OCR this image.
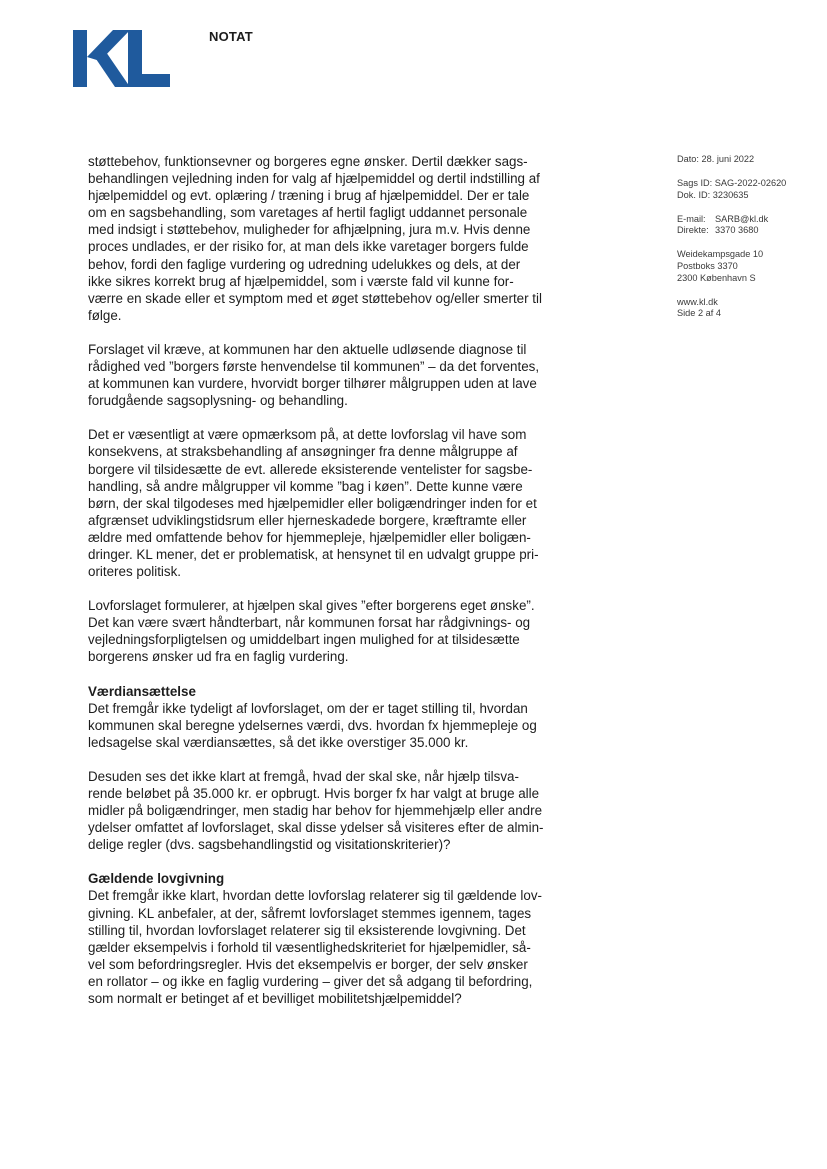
NOTAT

støttebehov, funktionsevner og borgeres egne ønsker. Dertil dækker sags-
behandlingen vejledning inden for valg af hjælpemiddel og dertil indstilling af
hjælpemiddel og evt. oplæring / træning i brug af hjælpemiddel. Der er tale
om en sagsbehandling, som varetages af hertil fagligt uddannet personale
med indsigt i støttebehov, muligheder for afhjælpning, jura m.v. Hvis denne
proces undlades, er der risiko for, at man dels ikke varetager borgers fulde
behov, fordi den faglige vurdering og udredning udelukkes og dels, at der
ikke sikres korrekt brug af hjælpemiddel, som i værste fald vil kunne for-
værre en skade eller et symptom med et øget støttebehov og/eller smerter til
følge.

Forslaget vil kræve, at kommunen har den aktuelle udløsende diagnose til
rådighed ved ”borgers første henvendelse til kommunen” – da det forventes,
at kommunen kan vurdere, hvorvidt borger tilhører målgruppen uden at lave
forudgående sagsoplysning- og behandling.

Det er væsentligt at være opmærksom på, at dette lovforslag vil have som
konsekvens, at straksbehandling af ansøgninger fra denne målgruppe af
borgere vil tilsidesætte de evt. allerede eksisterende ventelister for sagsbe-
handling, så andre målgrupper vil komme ”bag i køen”. Dette kunne være
børn, der skal tilgodeses med hjælpemidler eller boligændringer inden for et
afgrænset udviklingstidsrum eller hjerneskadede borgere, kræftramte eller
ældre med omfattende behov for hjemmepleje, hjælpemidler eller boligæn-
dringer. KL mener, det er problematisk, at hensynet til en udvalgt gruppe pri-
oriteres politisk.

Lovforslaget formulerer, at hjælpen skal gives ”efter borgerens eget ønske”.
Det kan være svært håndterbart, når kommunen forsat har rådgivnings- og
vejledningsforpligtelsen og umiddelbart ingen mulighed for at tilsidesætte
borgerens ønsker ud fra en faglig vurdering.

Værdiansættelse

Det fremgår ikke tydeligt af lovforslaget, om der er taget stilling til, hvordan
kommunen skal beregne ydelsernes værdi, dvs. hvordan fx hjemmepleje og
ledsagelse skal værdiansættes, så det ikke overstiger 35.000 kr.

Desuden ses det ikke klart at fremgå, hvad der skal ske, når hjælp tilsva-
rende beløbet på 35.000 kr. er opbrugt. Hvis borger fx har valgt at bruge alle
midler på boligændringer, men stadig har behov for hjemmehjælp eller andre
ydelser omfattet af lovforslaget, skal disse ydelser så visiteres efter de almin-
delige regler (dvs. sagsbehandlingstid og visitationskriterier)?

Gældende lovgivning

Det fremgår ikke klart, hvordan dette lovforslag relaterer sig til gældende lov-
givning. KL anbefaler, at der, såfremt lovforslaget stemmes igennem, tages
stilling til, hvordan lovforslaget relaterer sig til eksisterende lovgivning. Det
gælder eksempelvis i forhold til væsentlighedskriteriet for hjælpemidler, så-
vel som befordringsregler. Hvis det eksempelvis er borger, der selv ønsker
en rollator – og ikke en faglig vurdering – giver det så adgang til befordring,
som normalt er betinget af et bevilliget mobilitetshjælpemiddel?

Dato: 28. juni 2022
Sags ID: SAG-2022-02620
Dok. ID: 3230635
E-mail: SARB@kl.dk
Direkte: 3370 3680
Weidekampsgade 10
Postboks 3370
2300 København S
www.kl.dk
Side 2 af 4
